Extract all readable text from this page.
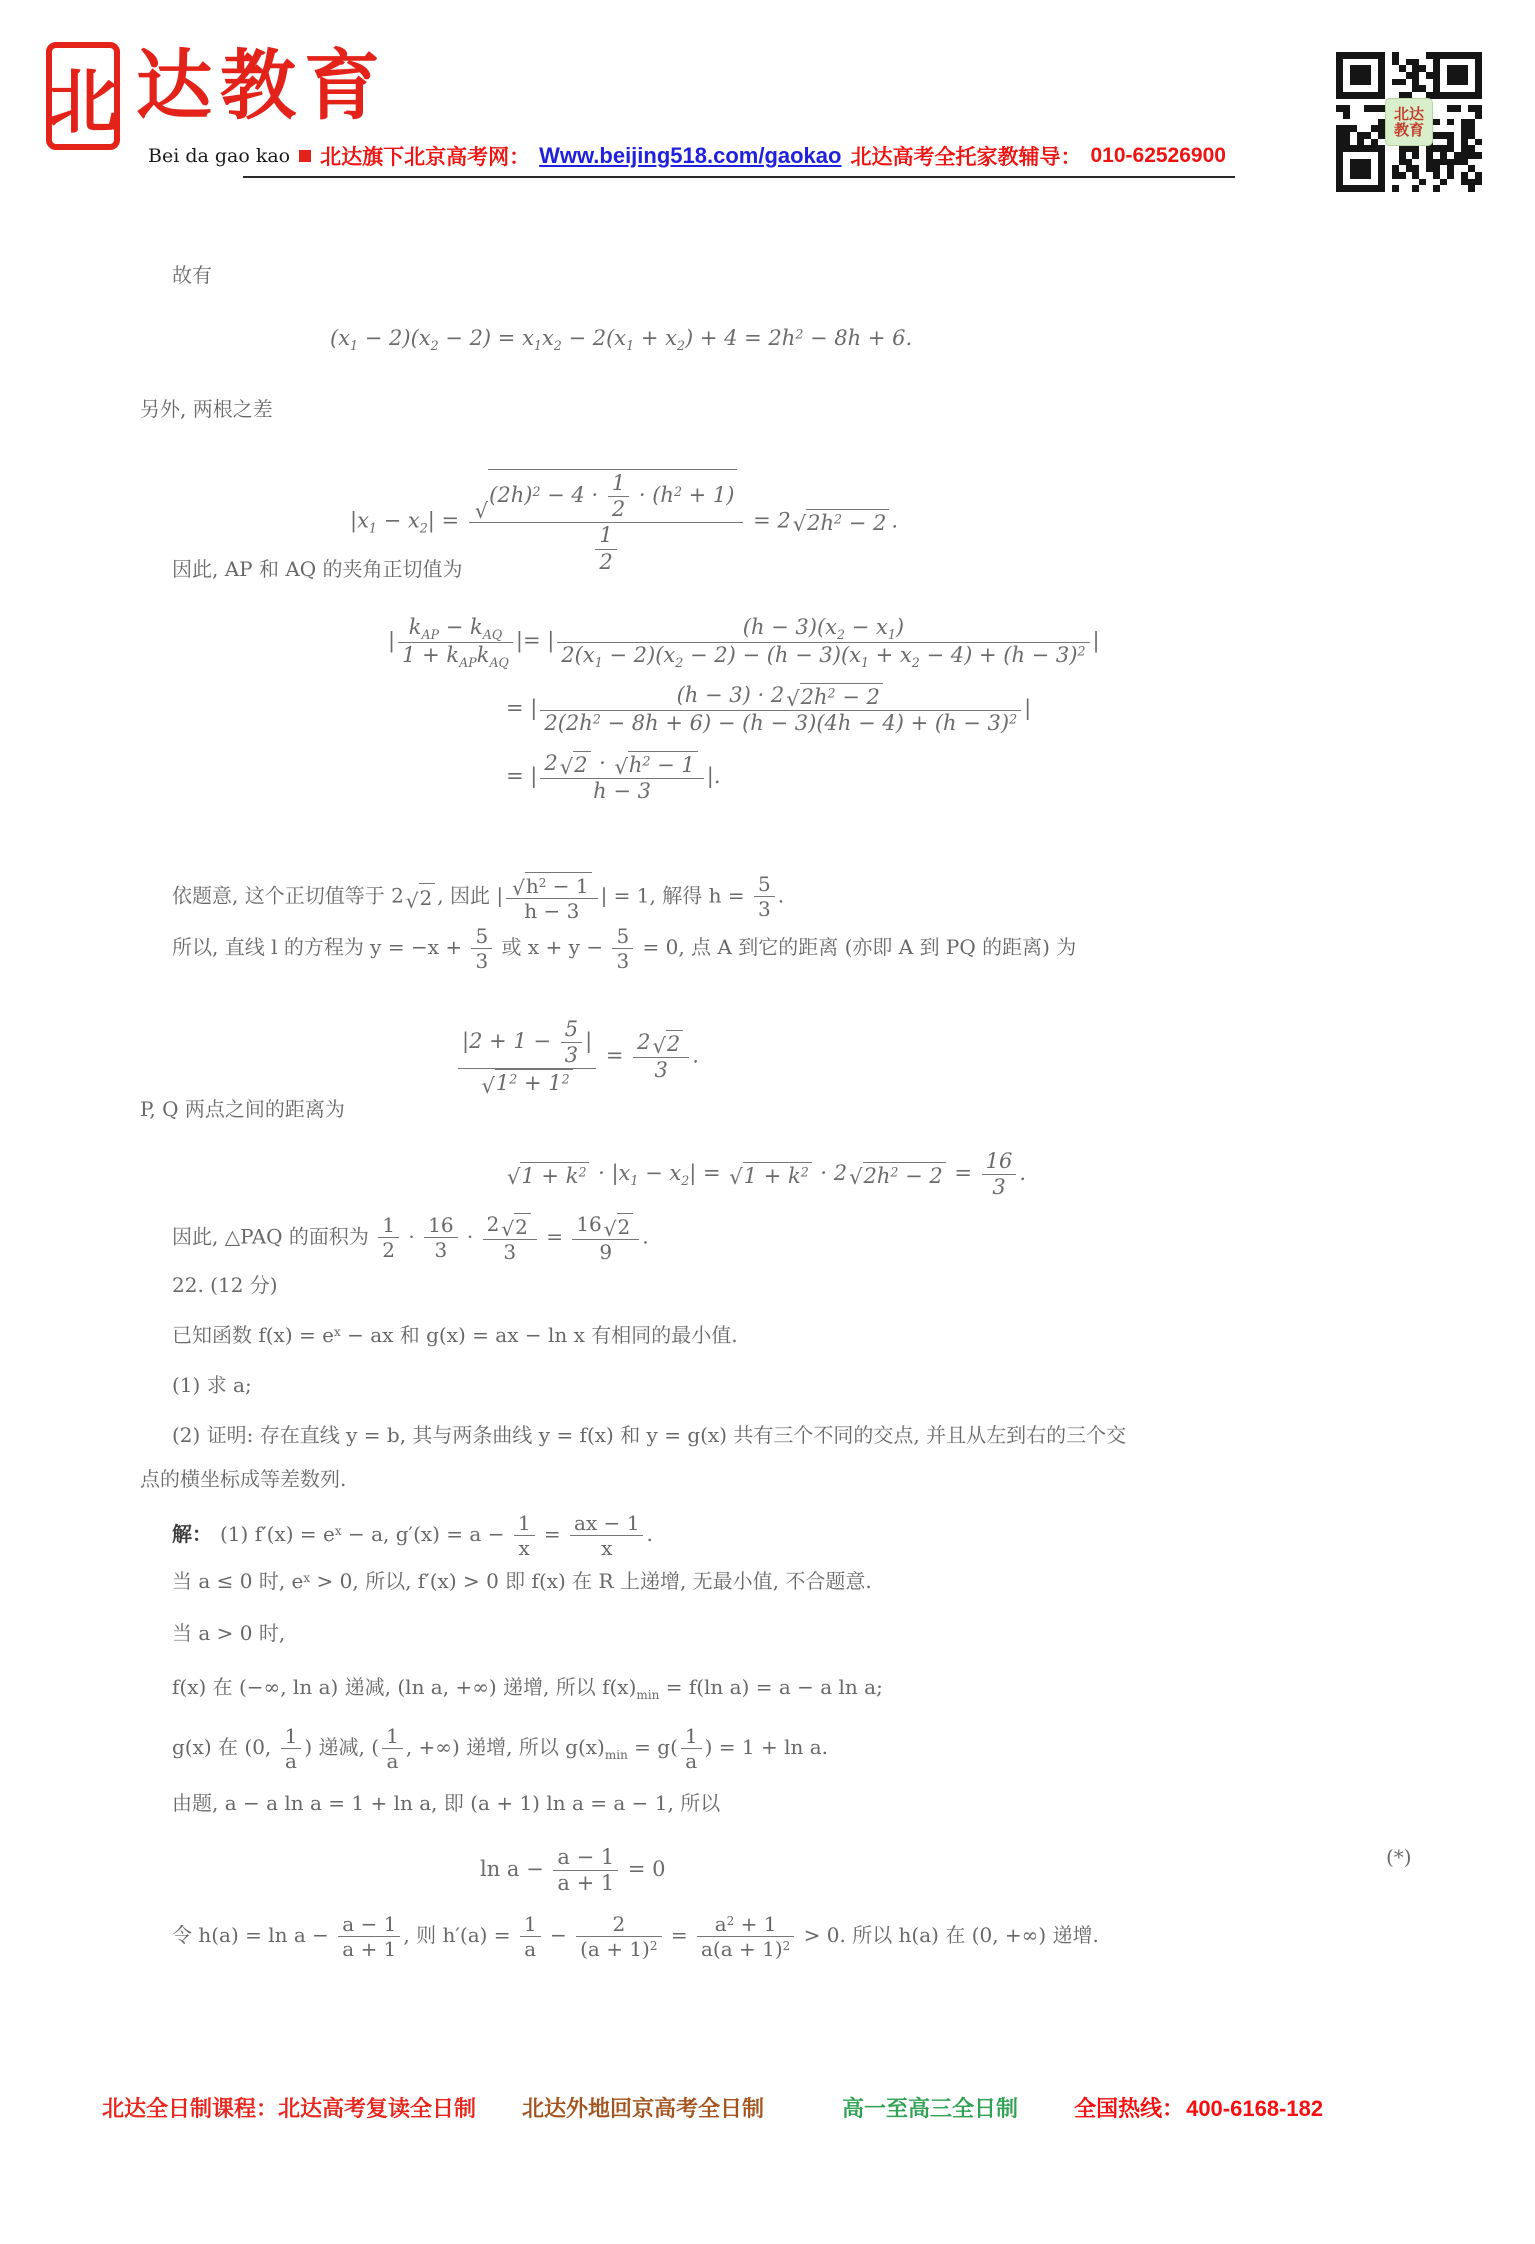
北 达教育
Bei da gao kao 北达旗下北京高考网： Www.beijing518.com/gaokao 北达高考全托家教辅导： 010-62526900
北达
教育
故有
$(x_1 - 2)(x_2 - 2) = x_1x_2 - 2(x_1 + x_2) + 4 = 2h^2 - 8h + 6$.
另外, 两根之差
$|x_1 - x_2|$ = √
$(2h)^2 - 4 \cdot \frac{1}{2} \cdot (h^2 + 1)$
$\frac{1}{2} = 2$ √ $2h^2 - 2$ .
因此, AP 和 AQ 的夹角正切值为
| $\frac{k_{AP} - k_{AQ}}{1 + k_{AP}k_{AQ}}$ | = | $\frac{(h - 3)(x_2 - x_1)}{2(x_1 - 2)(x_2 - 2) - (h - 3)(x_1 + x_2 - 4) + (h - 3)^2}$ |
= | $\frac{(h - 3) \cdot 2 √ 2h^2 - 2}{2(2h^2 - 8h + 6) - (h - 3)(4h - 4) + (h - 3)^2}$ |
= | $\frac{2 √ 2 \cdot √ h^2 - 1}{h - 3}$ |.
依题意, 这个正切值等于 2 √ 2 , 因此 | $\frac{√ h^2 - 1}{h - 3}$ | = 1, 解得 $h = \frac{5}{3}$ .
所以, 直线 l 的方程为 $y = -x + \frac{5}{3}$ 或 $x + y - \frac{5}{3} = 0$, 点 A 到它的距离 (亦即 A 到 PQ 的距离) 为
$\frac{|2 + 1 - \frac{5}{3} |}{√ 1^2 + 1^2} = \frac{2 √ 2}{3}$ .
P, Q 两点之间的距离为
√ $1 + k^2 \cdot |x_1 - x_2|$ = √ $1 + k^2 \cdot 2$ √ $2h^2 - 2 = \frac{16}{3}$ .
因此, △PAQ 的面积为 $\frac{1}{2} \cdot \frac{16}{3} \cdot \frac{2 √ 2}{3} = \frac{16 √ 2}{9}$ .
22. (12 分)
已知函数 $f(x) = e^x$ − ax 和 g(x) = ax − ln x 有相同的最小值.
(1) 求 a;
(2) 证明: 存在直线 y = b, 其与两条曲线 y = f(x) 和 y = g(x) 共有三个不同的交点, 并且从左到右的三个交
点的横坐标成等差数列.
解： (1) $f'(x) = e^x - a$, $g'(x) = a - \frac{1}{x} = \frac{ax - 1}{x}$ .
当 a ≤ 0 时, $e^x > 0$, 所以, f′(x) > 0 即 f(x) 在 R 上递增, 无最小值, 不合题意.
当 a > 0 时,
f(x) 在 (−∞, ln a) 递减, (ln a, +∞) 递增, 所以 $f(x)_{min} = f(\ln$ a) = a − a ln a;
g(x) 在 (0, $\frac{1}{a}$ ) 递减, ( $\frac{1}{a}$ , +∞) 递增, 所以 $g(x)_{min} = g( \frac{1}{a}$ ) = 1 + ln a.
由题, a − a ln a = 1 + ln a, 即 (a + 1) ln a = a − 1, 所以
$\ln a - \frac{a - 1}{a + 1} = 0$
(*)
令 $h(a) = \ln a - \frac{a - 1}{a + 1}$ , 则 $h'(a) = \frac{1}{a} - \frac{2}{(a + 1)^2} = \frac{a^2 + 1}{a(a + 1)^2} > 0$. 所以 h(a) 在 (0, +∞) 递增.
北达全日制课程： 北达高考复读全日制 北达外地回京高考全日制	高一至高三全日制	全国热线： 400-6168-182
